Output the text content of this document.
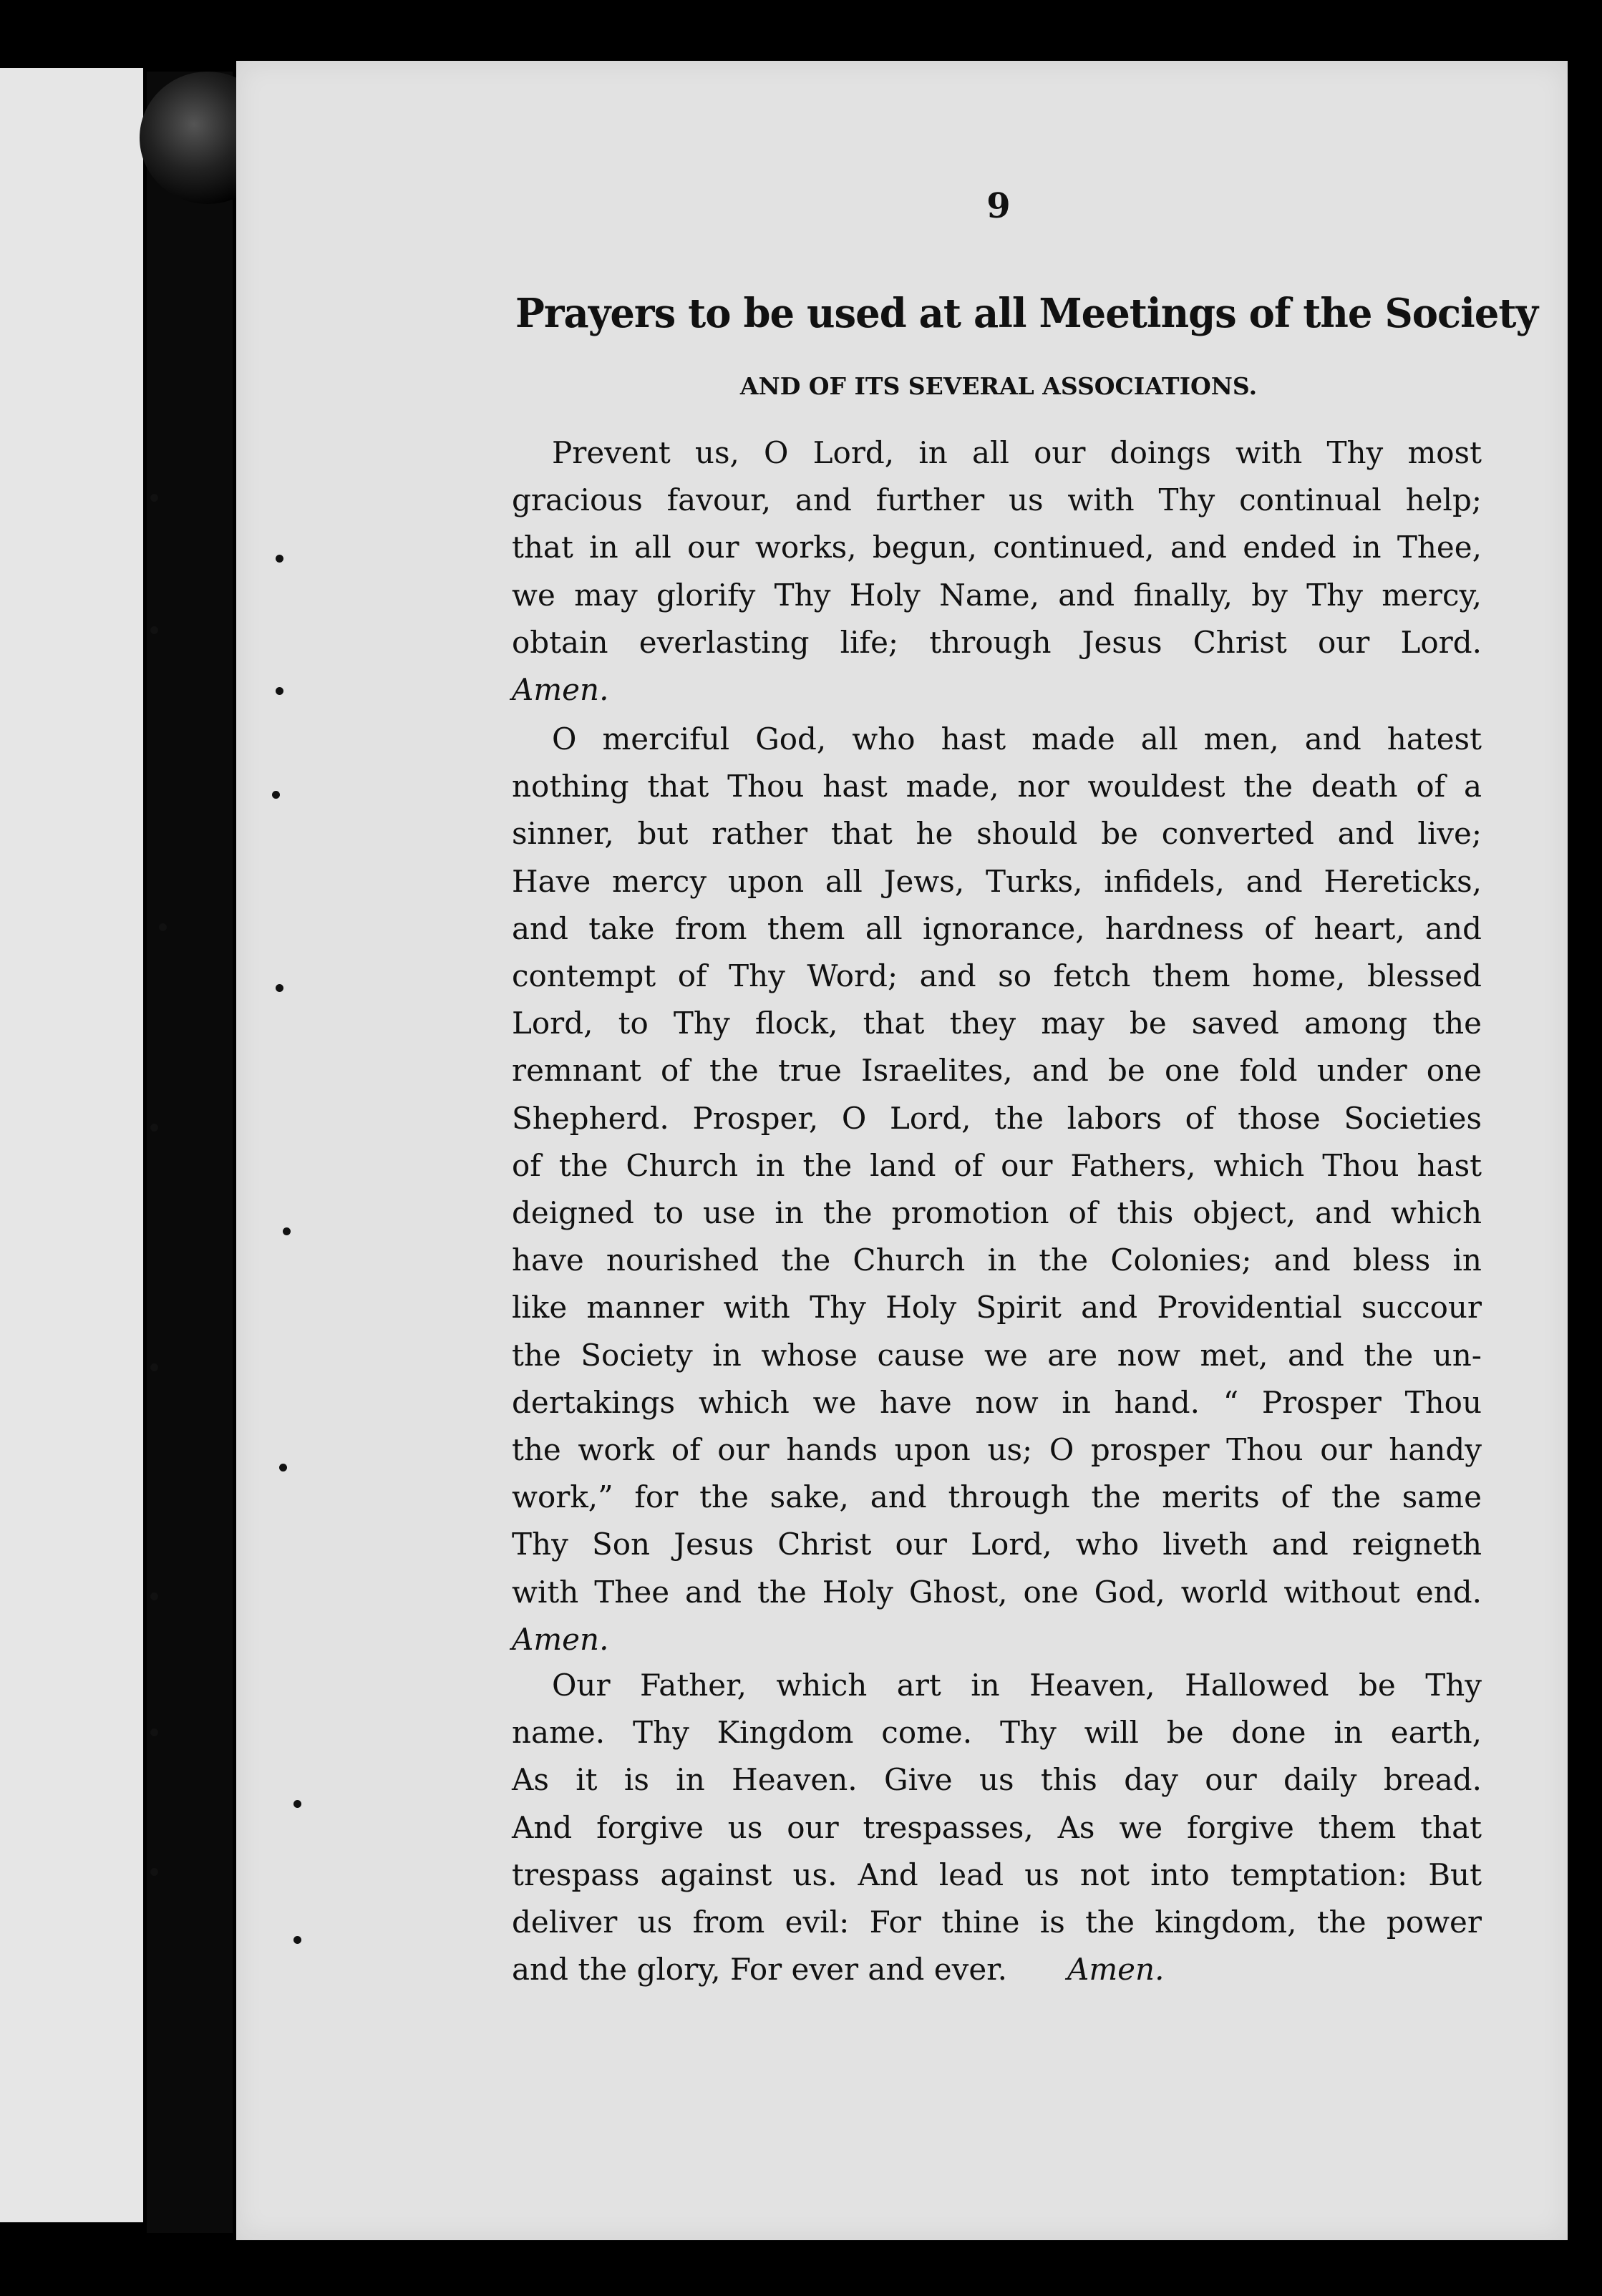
9
Prayers to be used at all Meetings of the Society
AND OF ITS SEVERAL ASSOCIATIONS.
Prevent us, O Lord, in all our doings with Thy most
gracious favour, and further us with Thy continual help;
that in all our works, begun, continued, and ended in Thee,
we may glorify Thy Holy Name, and finally, by Thy mercy,
obtain everlasting life; through Jesus Christ our Lord.
Amen.
O merciful God, who hast made all men, and hatest
nothing that Thou hast made, nor wouldest the death of a
sinner, but rather that he should be converted and live;
Have mercy upon all Jews, Turks, infidels, and Hereticks,
and take from them all ignorance, hardness of heart, and
contempt of Thy Word; and so fetch them home, blessed
Lord, to Thy flock, that they may be saved among the
remnant of the true Israelites, and be one fold under one
Shepherd. Prosper, O Lord, the labors of those Societies
of the Church in the land of our Fathers, which Thou hast
deigned to use in the promotion of this object, and which
have nourished the Church in the Colonies; and bless in
like manner with Thy Holy Spirit and Providential succour
the Society in whose cause we are now met, and the un-
dertakings which we have now in hand. “ Prosper Thou
the work of our hands upon us; O prosper Thou our handy
work,” for the sake, and through the merits of the same
Thy Son Jesus Christ our Lord, who liveth and reigneth
with Thee and the Holy Ghost, one God, world without end.
Amen.
Our Father, which art in Heaven, Hallowed be Thy
name. Thy Kingdom come. Thy will be done in earth,
As it is in Heaven. Give us this day our daily bread.
And forgive us our trespasses, As we forgive them that
trespass against us. And lead us not into temptation: But
deliver us from evil: For thine is the kingdom, the power
and the glory, For ever and ever.   Amen.
